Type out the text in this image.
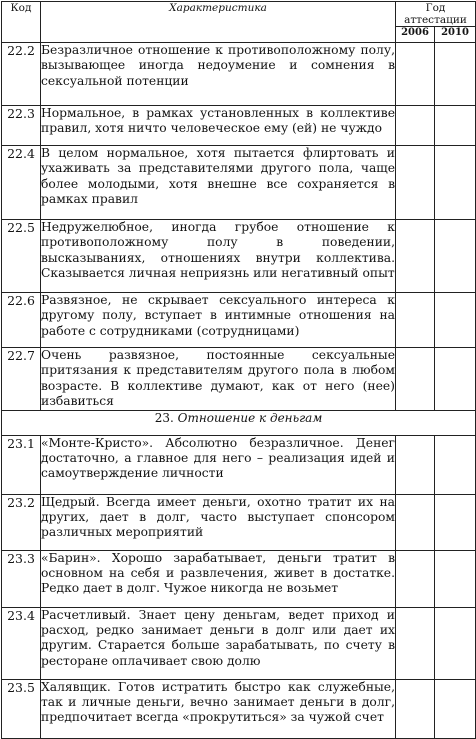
Код	Характеристика	Год аттестации	
		2006	2010
22.2	Безразличное отношение к противоположному полу, вызывающее иногда недоумение и сомнения в сексуальной потенции		
22.3	Нормальное, в рамках установленных в коллективе правил, хотя ничто человеческое ему (ей) не чуждо		
22.4	В целом нормальное, хотя пытается флиртовать и ухаживать за представителями другого пола, чаще более молодыми, хотя внешне все сохраняется в рамках правил		
22.5	Недружелюбное, иногда грубое отношение к противоположному полу в поведении, высказываниях, отношениях внутри коллектива. Сказывается личная неприязнь или негативный опыт		
22.6	Развязное, не скрывает сексуального интереса к другому полу, вступает в интимные отношения на работе с сотрудниками (сотрудницами)		
22.7	Очень развязное, постоянные сексуальные притязания к представителям другого пола в любом возрасте. В коллективе думают, как от него (нее) избавиться		
23. Отношение к деньгам			
23.1	«Монте-Кристо». Абсолютно безразличное. Денег достаточно, а главное для него – реализация идей и самоутверждение личности		
23.2	Щедрый. Всегда имеет деньги, охотно тратит их на других, дает в долг, часто выступает спонсором различных мероприятий		
23.3	«Барин». Хорошо зарабатывает, деньги тратит в основном на себя и развлечения, живет в достатке. Редко дает в долг. Чужое никогда не возьмет		
23.4	Расчетливый. Знает цену деньгам, ведет приход и расход, редко занимает деньги в долг или дает их другим. Старается больше зарабатывать, по счету в ресторане оплачивает свою долю		
23.5	Халявщик. Готов истратить быстро как служебные, так и личные деньги, вечно занимает деньги в долг, предпочитает всегда «прокрутиться» за чужой счет		
